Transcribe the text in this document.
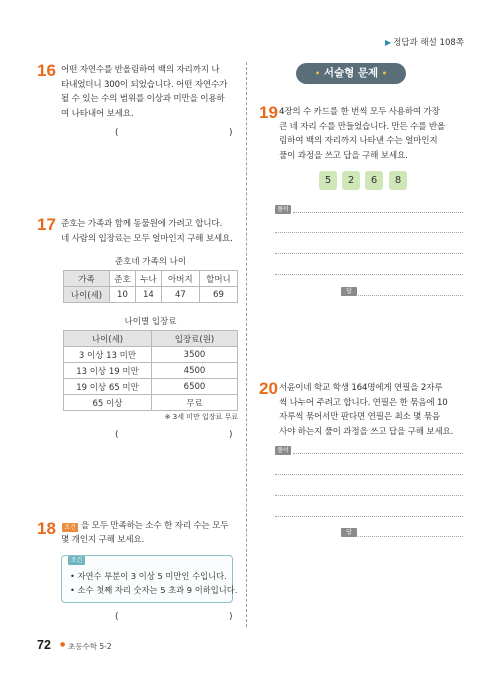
▶ 정답과 해설 108쪽
16 어떤 자연수를 반올림하여 백의 자리까지 나
타내었더니 300이 되었습니다. 어떤 자연수가
될 수 있는 수의 범위를 이상과 미만을 이용하
여 나타내어 보세요.
(	)
17 준호는 가족과 함께 동물원에 가려고 합니다.
네 사람의 입장료는 모두 얼마인지 구해 보세요.
준호네 가족의 나이
가족	준호	누나	아버지	할머니
나이(세)	10	14	47	69
나이별 입장료
나이(세)	입장료(원)
3 이상 13 미만	3500
13 이상 19 미만	4500
19 이상 65 미만	6500
65 이상	무료
※ 3세 미만 입장료 무료
(	)
18	조건 을 모두 만족하는 소수 한 자리 수는 모두
몇 개인지 구해 보세요.
조건
• 자연수 부분이 3 이상 5 미만인 수입니다.
• 소수 첫째 자리 숫자는 5 초과 9 이하입니다.
(	)
• 서술형 문제 •
19 4장의 수 카드를 한 번씩 모두 사용하여 가장
큰 네 자리 수를 만들었습니다. 만든 수를 반올
림하여 백의 자리까지 나타낸 수는 얼마인지
풀이 과정을 쓰고 답을 구해 보세요.
5	2	6	8
풀이
답
20 서윤이네 학교 학생 164명에게 연필을 2자루
씩 나누어 주려고 합니다. 연필은 한 묶음에 10
자루씩 묶어서만 판다면 연필은 최소 몇 묶음
사야 하는지 풀이 과정을 쓰고 답을 구해 보세요.
풀이
답
72 ● 초등수학 5-2
